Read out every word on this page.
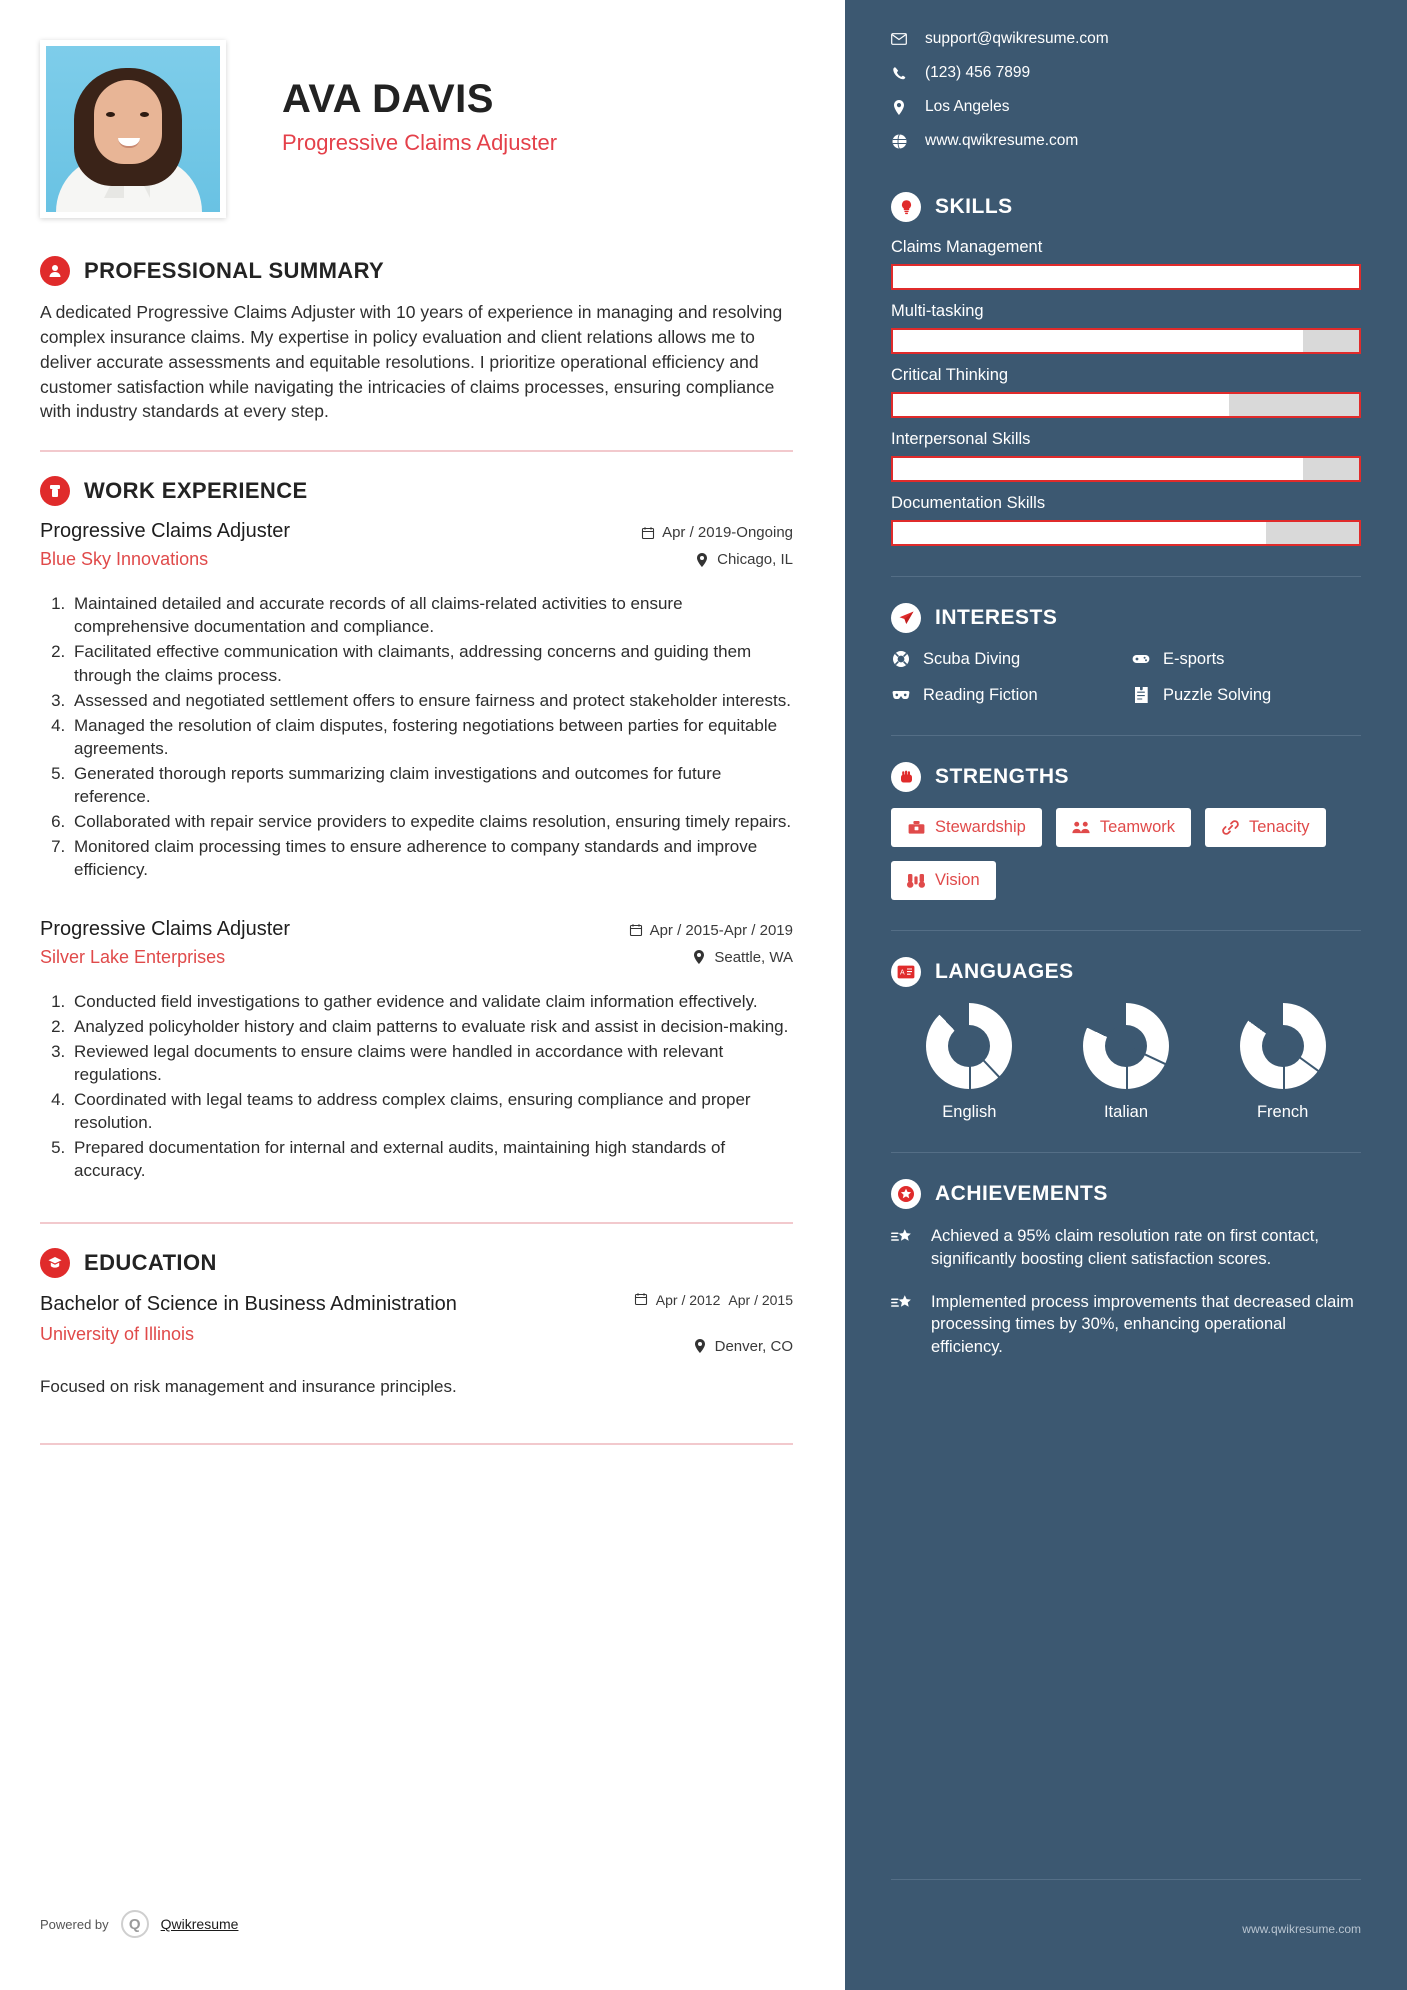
AVA DAVIS
Progressive Claims Adjuster
PROFESSIONAL SUMMARY
A dedicated Progressive Claims Adjuster with 10 years of experience in managing and resolving complex insurance claims. My expertise in policy evaluation and client relations allows me to deliver accurate assessments and equitable resolutions. I prioritize operational efficiency and customer satisfaction while navigating the intricacies of claims processes, ensuring compliance with industry standards at every step.
WORK EXPERIENCE
Progressive Claims Adjuster
Blue Sky Innovations
Apr / 2019-Ongoing
Chicago, IL
1. Maintained detailed and accurate records of all claims-related activities to ensure comprehensive documentation and compliance.
2. Facilitated effective communication with claimants, addressing concerns and guiding them through the claims process.
3. Assessed and negotiated settlement offers to ensure fairness and protect stakeholder interests.
4. Managed the resolution of claim disputes, fostering negotiations between parties for equitable agreements.
5. Generated thorough reports summarizing claim investigations and outcomes for future reference.
6. Collaborated with repair service providers to expedite claims resolution, ensuring timely repairs.
7. Monitored claim processing times to ensure adherence to company standards and improve efficiency.
Progressive Claims Adjuster
Silver Lake Enterprises
Apr / 2015-Apr / 2019
Seattle, WA
1. Conducted field investigations to gather evidence and validate claim information effectively.
2. Analyzed policyholder history and claim patterns to evaluate risk and assist in decision-making.
3. Reviewed legal documents to ensure claims were handled in accordance with relevant regulations.
4. Coordinated with legal teams to address complex claims, ensuring compliance and proper resolution.
5. Prepared documentation for internal and external audits, maintaining high standards of accuracy.
EDUCATION
Bachelor of Science in Business Administration
University of Illinois
Apr / 2012 Apr / 2015
Denver, CO
Focused on risk management and insurance principles.
Powered by	Q	Qwikresume
support@qwikresume.com
(123) 456 7899
Los Angeles
www.qwikresume.com
SKILLS
Claims Management
Multi-tasking
Critical Thinking
Interpersonal Skills
Documentation Skills
INTERESTS
Scuba Diving	E-sports
Reading Fiction	Puzzle Solving
STRENGTHS
Stewardship	Teamwork	Tenacity
Vision
A LANGUAGES
English	Italian	French
ACHIEVEMENTS
Achieved a 95% claim resolution rate on first contact, significantly boosting client satisfaction scores.
Implemented process improvements that decreased claim processing times by 30%, enhancing operational efficiency.
www.qwikresume.com
